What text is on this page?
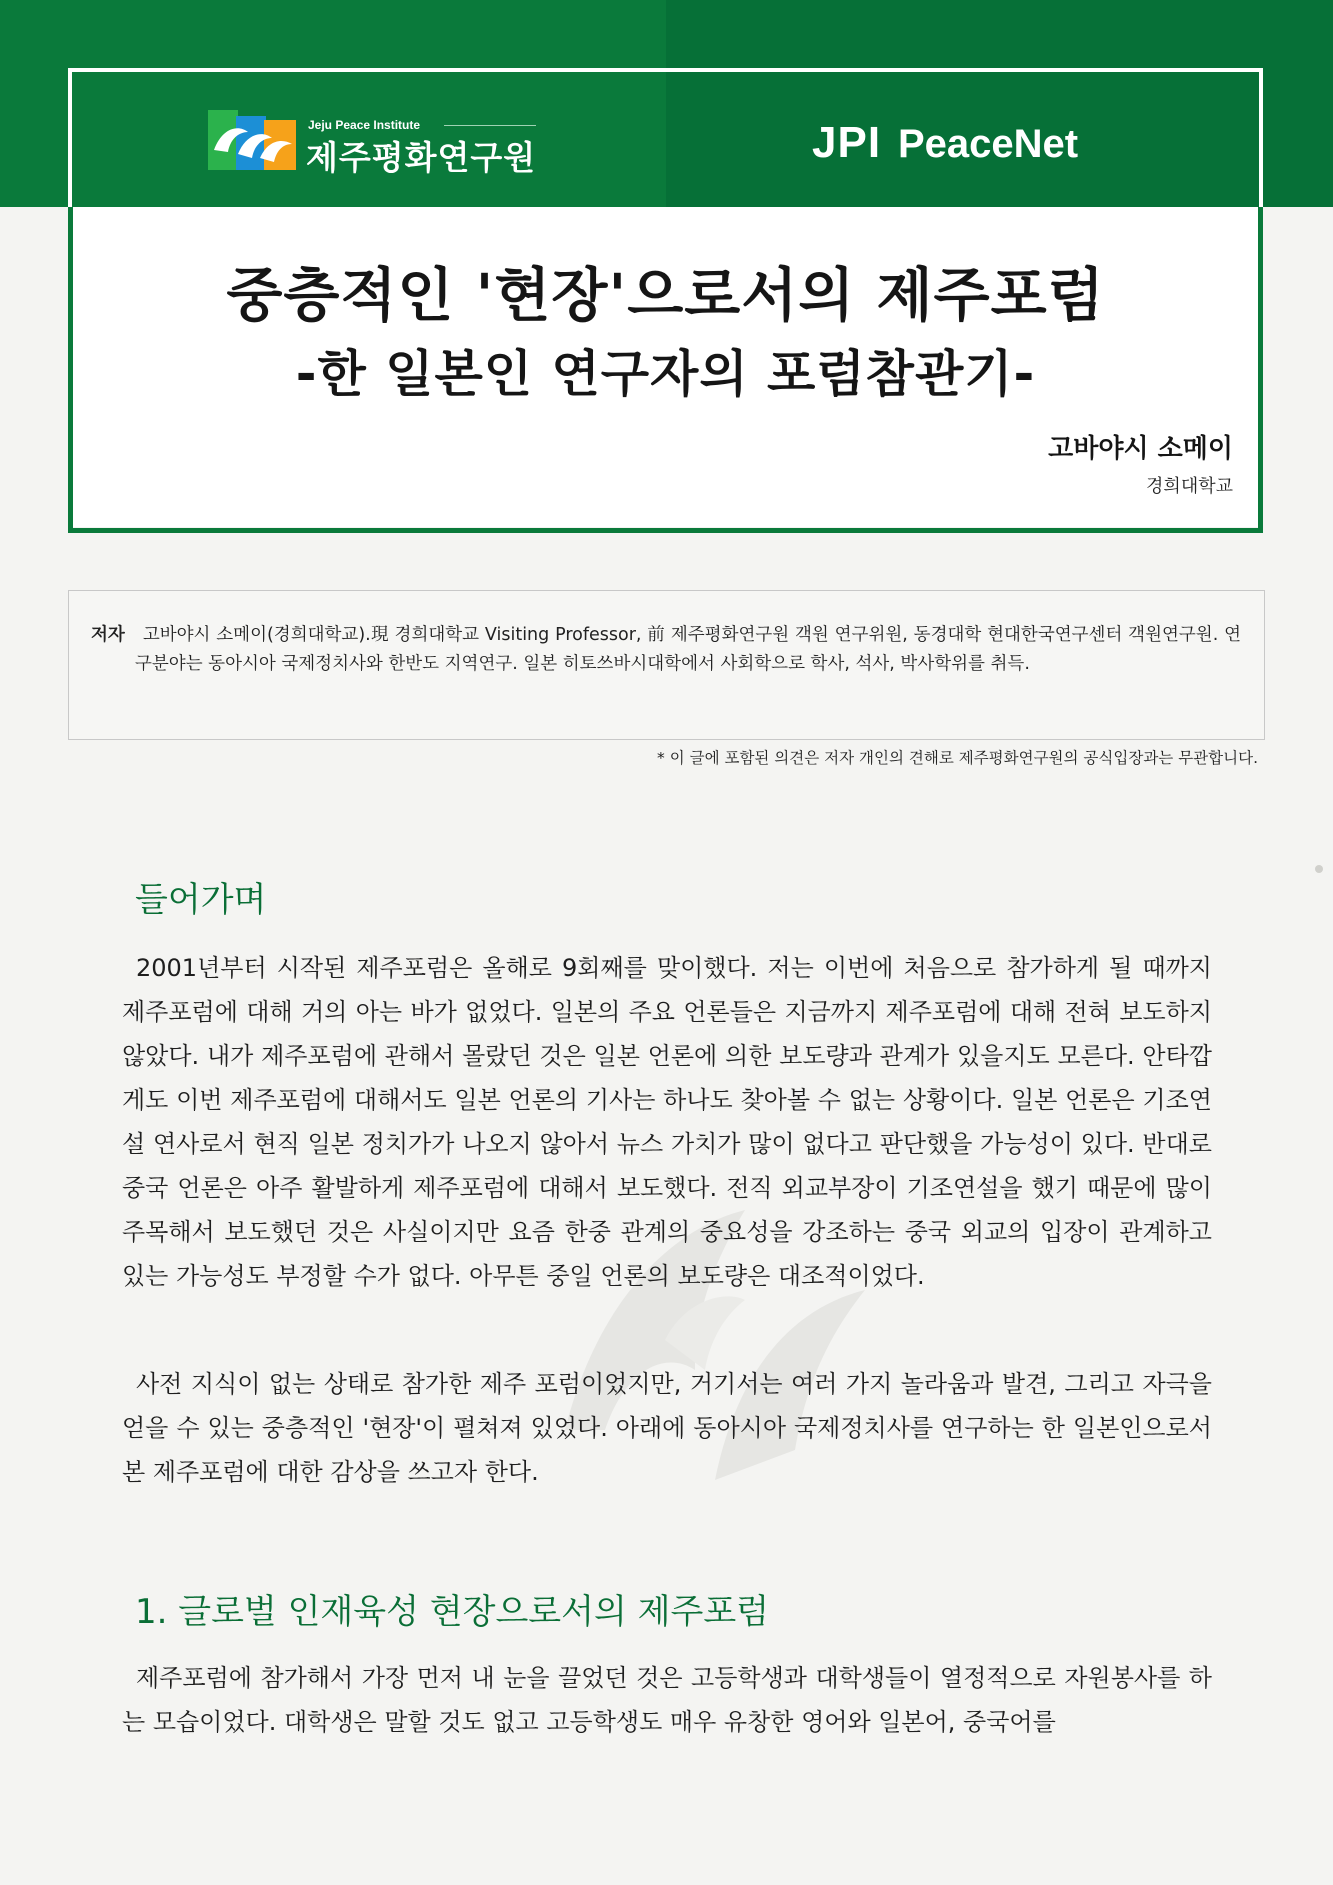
Jeju Peace Institute
제주평화연구원	JPI PeaceNet
중층적인 '현장'으로서의 제주포럼
-한 일본인 연구자의 포럼참관기-
고바야시 소메이
경희대학교
저자 고바야시 소메이(경희대학교).現 경희대학교 Visiting Professor, 前 제주평화연구원 객원 연구위원, 동경대학 현대한국연구센터 객원연구원. 연구분야는 동아시아 국제정치사와 한반도 지역연구. 일본 히토쓰바시대학에서 사회학으로 학사, 석사, 박사학위를 취득.
* 이 글에 포함된 의견은 저자 개인의 견해로 제주평화연구원의 공식입장과는 무관합니다.
들어가며

2001년부터 시작된 제주포럼은 올해로 9회째를 맞이했다. 저는 이번에 처음으로 참가하게 될 때까지 제주포럼에 대해 거의 아는 바가 없었다. 일본의 주요 언론들은 지금까지 제주포럼에 대해 전혀 보도하지 않았다. 내가 제주포럼에 관해서 몰랐던 것은 일본 언론에 의한 보도량과 관계가 있을지도 모른다. 안타깝게도 이번 제주포럼에 대해서도 일본 언론의 기사는 하나도 찾아볼 수 없는 상황이다. 일본 언론은 기조연설 연사로서 현직 일본 정치가가 나오지 않아서 뉴스 가치가 많이 없다고 판단했을 가능성이 있다. 반대로 중국 언론은 아주 활발하게 제주포럼에 대해서 보도했다. 전직 외교부장이 기조연설을 했기 때문에 많이 주목해서 보도했던 것은 사실이지만 요즘 한중 관계의 중요성을 강조하는 중국 외교의 입장이 관계하고 있는 가능성도 부정할 수가 없다. 아무튼 중일 언론의 보도량은 대조적이었다.

사전 지식이 없는 상태로 참가한 제주 포럼이었지만, 거기서는 여러 가지 놀라움과 발견, 그리고 자극을 얻을 수 있는 중층적인 '현장'이 펼쳐져 있었다. 아래에 동아시아 국제정치사를 연구하는 한 일본인으로서 본 제주포럼에 대한 감상을 쓰고자 한다.

1. 글로벌 인재육성 현장으로서의 제주포럼

제주포럼에 참가해서 가장 먼저 내 눈을 끌었던 것은 고등학생과 대학생들이 열정적으로 자원봉사를 하는 모습이었다. 대학생은 말할 것도 없고 고등학생도 매우 유창한 영어와 일본어, 중국어를
